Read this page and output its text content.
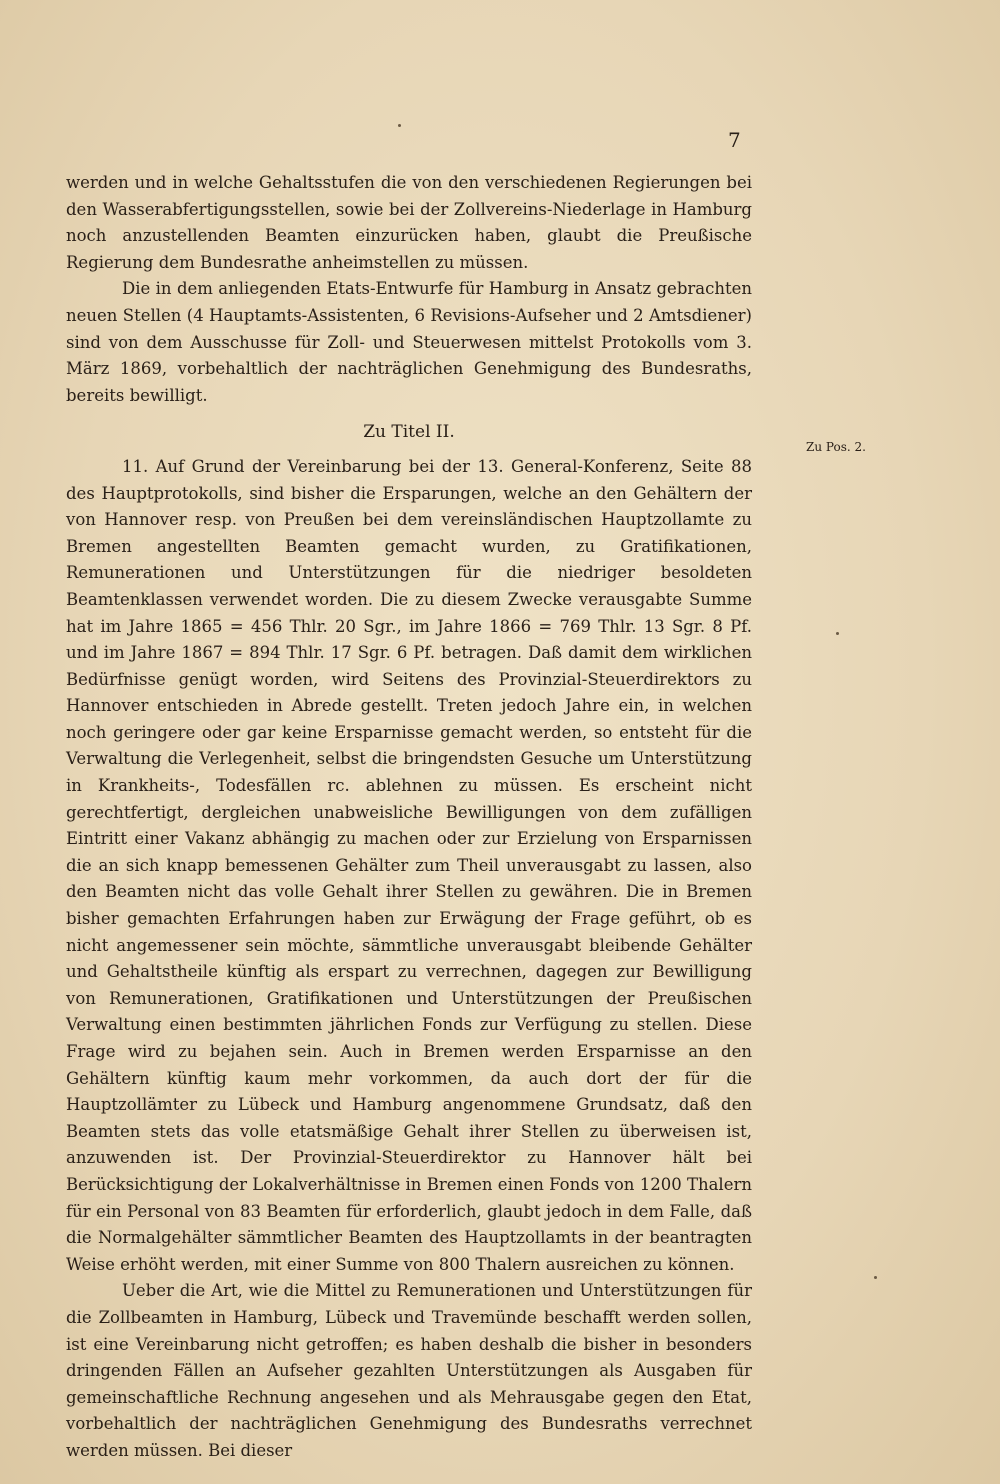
7

werden und in welche Gehaltsstufen die von den verschiedenen Regierungen bei den Wasserabfertigungsstellen, sowie bei der Zollvereins-Niederlage in Hamburg noch anzustellenden Beamten einzurücken haben, glaubt die Preußische Regierung dem Bundesrathe anheimstellen zu müssen.

Die in dem anliegenden Etats-Entwurfe für Hamburg in Ansatz gebrachten neuen Stellen (4 Hauptamts-Assistenten, 6 Revisions-Aufseher und 2 Amtsdiener) sind von dem Ausschusse für Zoll- und Steuerwesen mittelst Protokolls vom 3. März 1869, vorbehaltlich der nachträglichen Genehmigung des Bundesraths, bereits bewilligt.

Zu Titel II.

11. Auf Grund der Vereinbarung bei der 13. General-Konferenz, Seite 88 des Hauptprotokolls, sind bisher die Ersparungen, welche an den Gehältern der von Hannover resp. von Preußen bei dem vereinsländischen Hauptzollamte zu Bremen angestellten Beamten gemacht wurden, zu Gratifikationen, Remunerationen und Unterstützungen für die niedriger besoldeten Beamtenklassen verwendet worden. Die zu diesem Zwecke verausgabte Summe hat im Jahre 1865 = 456 Thlr. 20 Sgr., im Jahre 1866 = 769 Thlr. 13 Sgr. 8 Pf. und im Jahre 1867 = 894 Thlr. 17 Sgr. 6 Pf. betragen. Daß damit dem wirklichen Bedürfnisse genügt worden, wird Seitens des Provinzial-Steuerdirektors zu Hannover entschieden in Abrede gestellt. Treten jedoch Jahre ein, in welchen noch geringere oder gar keine Ersparnisse gemacht werden, so entsteht für die Verwaltung die Verlegenheit, selbst die bringendsten Gesuche um Unterstützung in Krankheits-, Todesfällen rc. ablehnen zu müssen. Es erscheint nicht gerechtfertigt, dergleichen unabweisliche Bewilligungen von dem zufälligen Eintritt einer Vakanz abhängig zu machen oder zur Erzielung von Ersparnissen die an sich knapp bemessenen Gehälter zum Theil unverausgabt zu lassen, also den Beamten nicht das volle Gehalt ihrer Stellen zu gewähren. Die in Bremen bisher gemachten Erfahrungen haben zur Erwägung der Frage geführt, ob es nicht angemessener sein möchte, sämmtliche unverausgabt bleibende Gehälter und Gehaltstheile künftig als erspart zu verrechnen, dagegen zur Bewilligung von Remunerationen, Gratifikationen und Unterstützungen der Preußischen Verwaltung einen bestimmten jährlichen Fonds zur Verfügung zu stellen. Diese Frage wird zu bejahen sein. Auch in Bremen werden Ersparnisse an den Gehältern künftig kaum mehr vorkommen, da auch dort der für die Hauptzollämter zu Lübeck und Hamburg angenommene Grundsatz, daß den Beamten stets das volle etatsmäßige Gehalt ihrer Stellen zu überweisen ist, anzuwenden ist. Der Provinzial-Steuerdirektor zu Hannover hält bei Berücksichtigung der Lokalverhältnisse in Bremen einen Fonds von 1200 Thalern für ein Personal von 83 Beamten für erforderlich, glaubt jedoch in dem Falle, daß die Normalgehälter sämmtlicher Beamten des Hauptzollamts in der beantragten Weise erhöht werden, mit einer Summe von 800 Thalern ausreichen zu können.

Ueber die Art, wie die Mittel zu Remunerationen und Unterstützungen für die Zollbeamten in Hamburg, Lübeck und Travemünde beschafft werden sollen, ist eine Vereinbarung nicht getroffen; es haben deshalb die bisher in besonders dringenden Fällen an Aufseher gezahlten Unterstützungen als Ausgaben für gemeinschaftliche Rechnung angesehen und als Mehrausgabe gegen den Etat, vorbehaltlich der nachträglichen Genehmigung des Bundesraths verrechnet werden müssen. Bei dieser

Zu Pos. 2.
